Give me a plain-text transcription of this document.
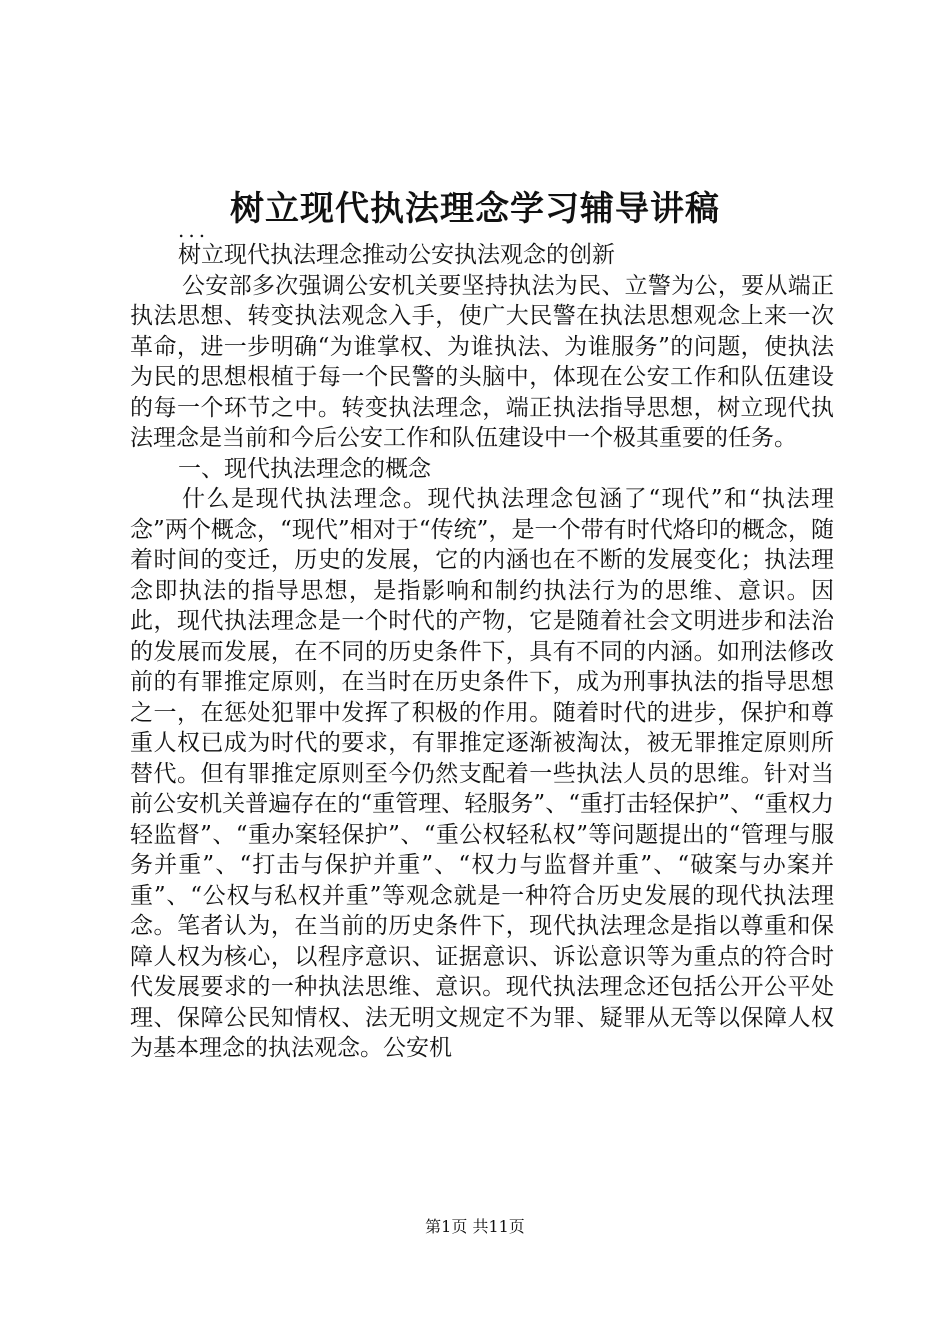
树立现代执法理念学习辅导讲稿
...

树立现代执法理念推动公安执法观念的创新

公安部多次强调公安机关要坚持执法为民、立警为公，要从端正执法思想、转变执法观念入手，使广大民警在执法思想观念上来一次革命，进一步明确“为谁掌权、为谁执法、为谁服务”的问题，使执法为民的思想根植于每一个民警的头脑中，体现在公安工作和队伍建设的每一个环节之中。转变执法理念，端正执法指导思想，树立现代执法理念是当前和今后公安工作和队伍建设中一个极其重要的任务。

一、现代执法理念的概念

什么是现代执法理念。现代执法理念包涵了“现代”和“执法理念”两个概念，“现代”相对于“传统”，是一个带有时代烙印的概念，随着时间的变迁，历史的发展，它的内涵也在不断的发展变化；执法理念即执法的指导思想，是指影响和制约执法行为的思维、意识。因此，现代执法理念是一个时代的产物，它是随着社会文明进步和法治的发展而发展，在不同的历史条件下，具有不同的内涵。如刑法修改前的有罪推定原则，在当时在历史条件下，成为刑事执法的指导思想之一，在惩处犯罪中发挥了积极的作用。随着时代的进步，保护和尊重人权已成为时代的要求，有罪推定逐渐被淘汰，被无罪推定原则所替代。但有罪推定原则至今仍然支配着一些执法人员的思维。针对当前公安机关普遍存在的“重管理、轻服务”、“重打击轻保护”、“重权力轻监督”、“重办案轻保护”、“重公权轻私权”等问题提出的“管理与服务并重”、“打击与保护并重”、“权力与监督并重”、“破案与办案并重”、“公权与私权并重”等观念就是一种符合历史发展的现代执法理念。笔者认为，在当前的历史条件下，现代执法理念是指以尊重和保障人权为核心，以程序意识、证据意识、诉讼意识等为重点的符合时代发展要求的一种执法思维、意识。现代执法理念还包括公开公平处理、保障公民知情权、法无明文规定不为罪、疑罪从无等以保障人权为基本理念的执法观念。公安机

第1页 共11页
